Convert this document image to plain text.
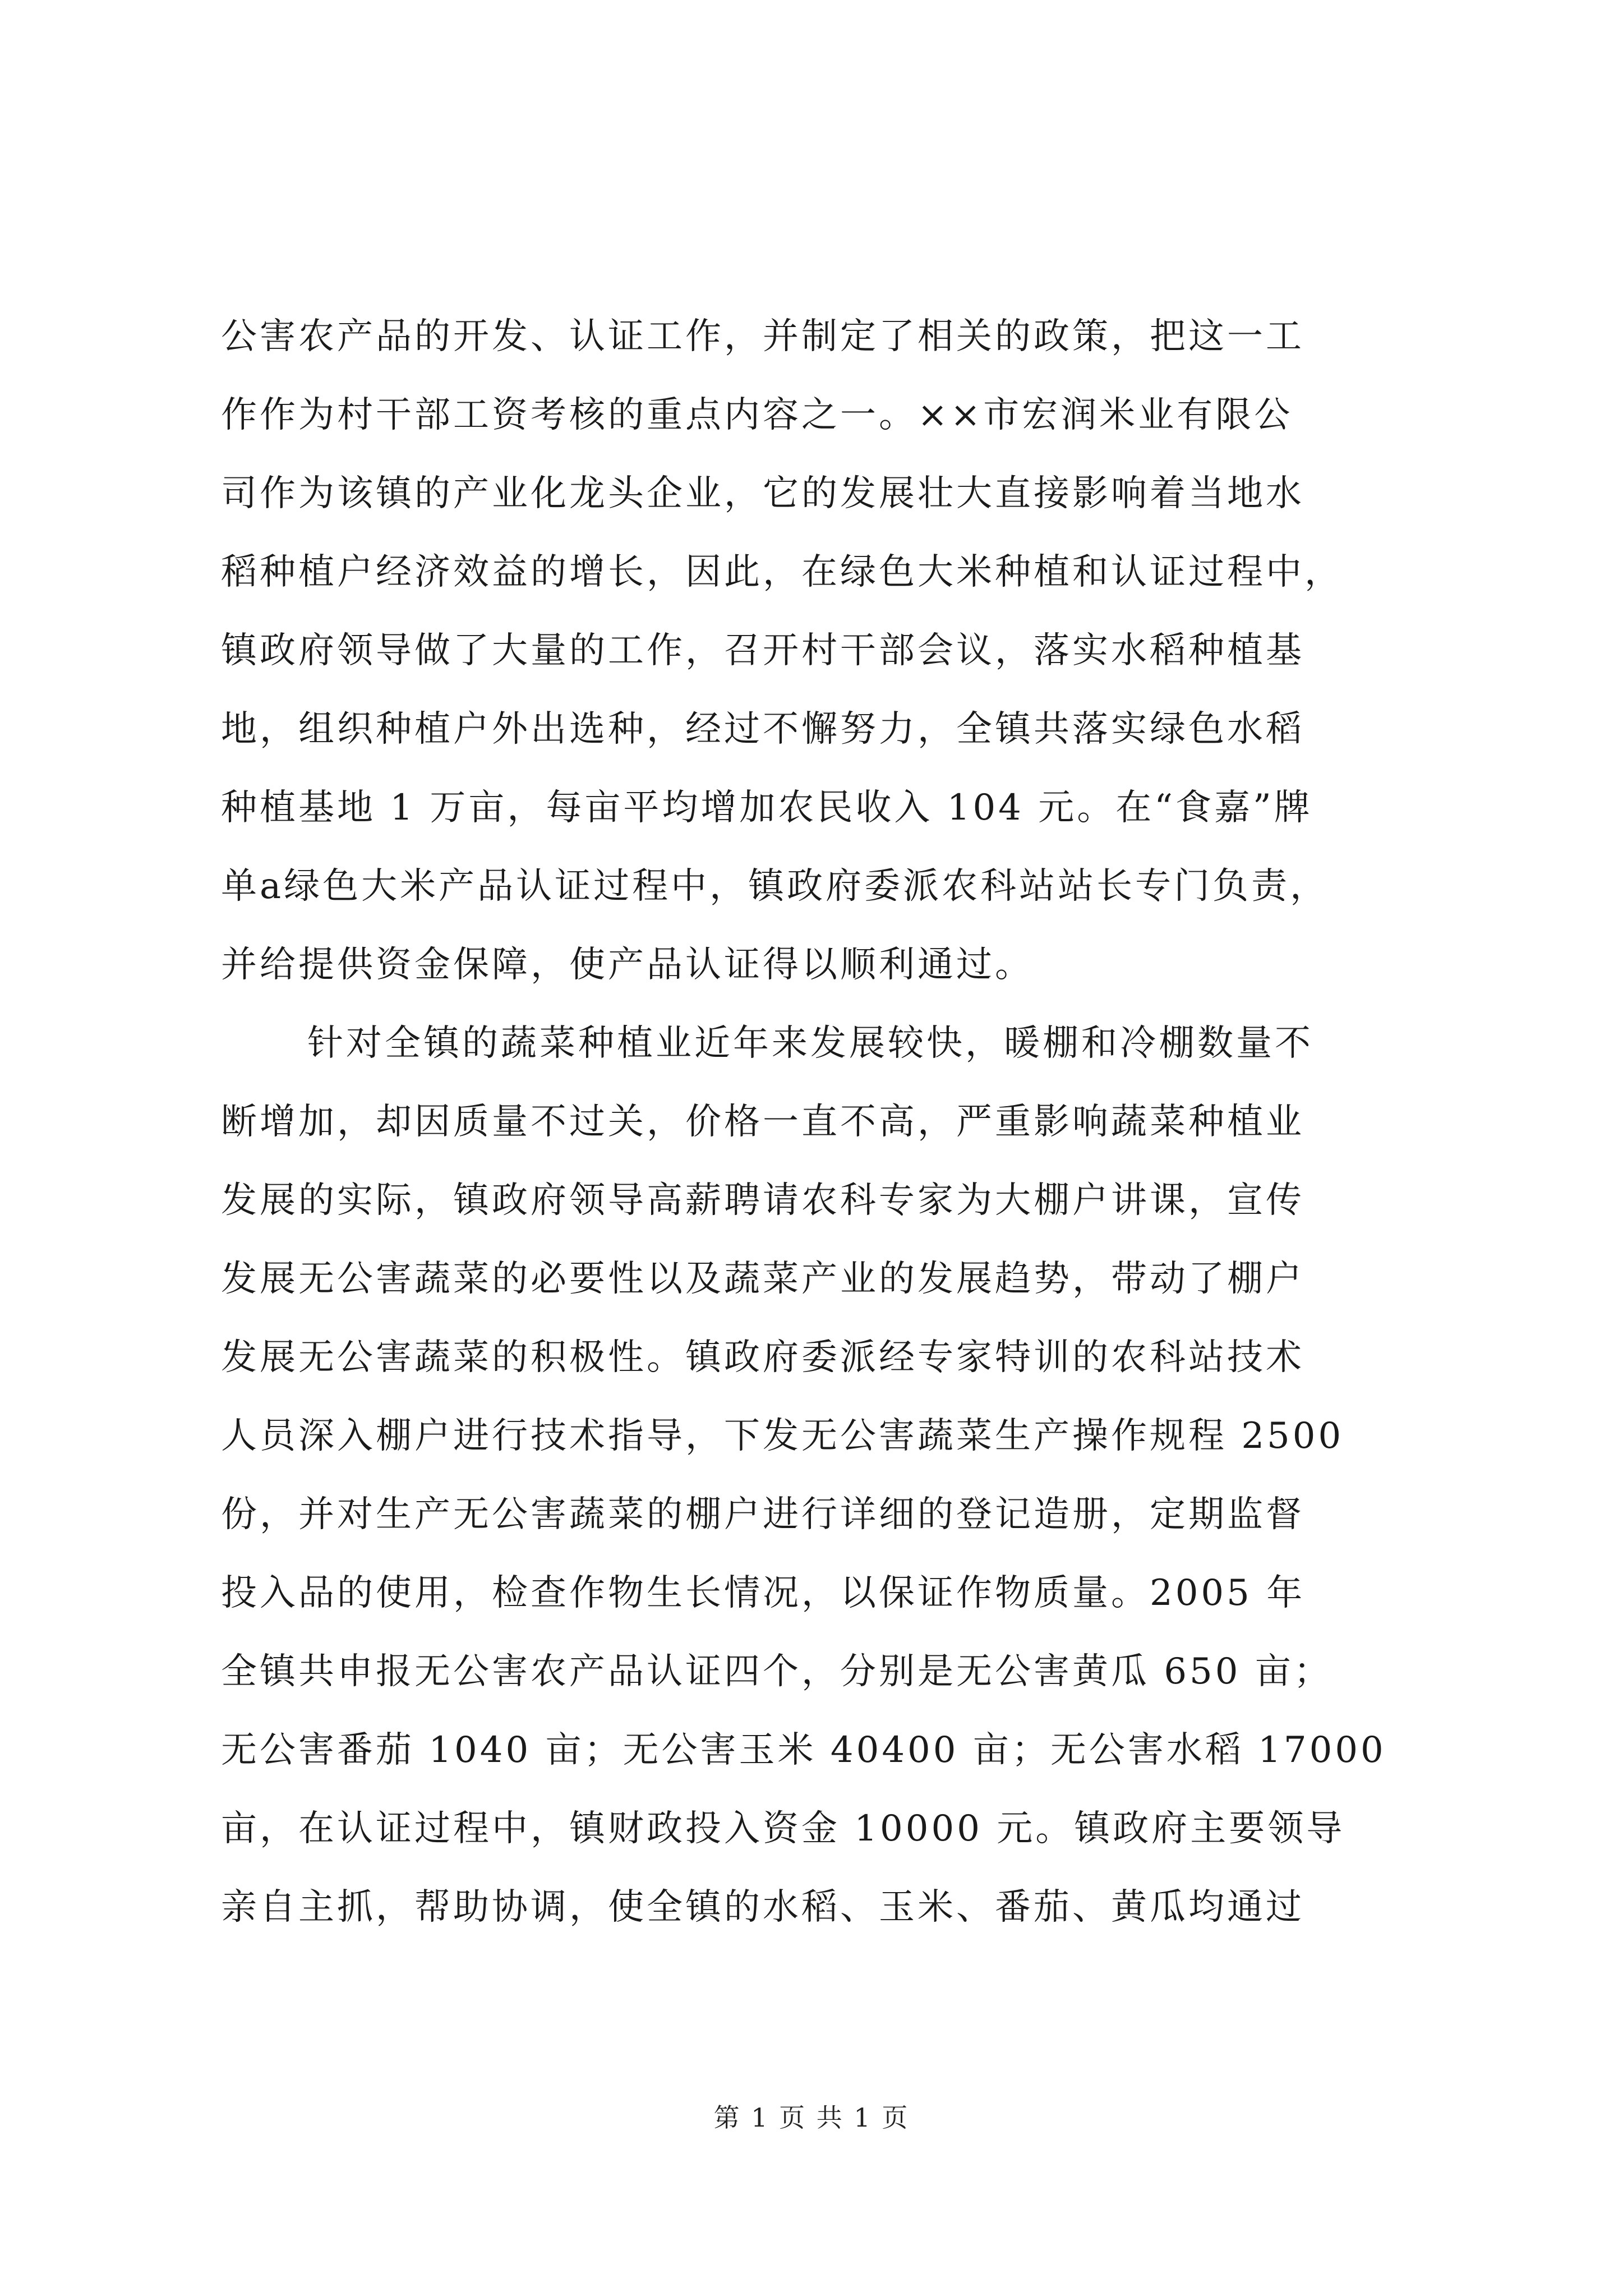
公害农产品的开发、认证工作，并制定了相关的政策，把这一工
作作为村干部工资考核的重点内容之一。××市宏润米业有限公
司作为该镇的产业化龙头企业，它的发展壮大直接影响着当地水
稻种植户经济效益的增长，因此，在绿色大米种植和认证过程中，
镇政府领导做了大量的工作，召开村干部会议，落实水稻种植基
地，组织种植户外出选种，经过不懈努力，全镇共落实绿色水稻
种植基地 1 万亩，每亩平均增加农民收入 104 元。在“食嘉”牌
单a绿色大米产品认证过程中，镇政府委派农科站站长专门负责，
并给提供资金保障，使产品认证得以顺利通过。
针对全镇的蔬菜种植业近年来发展较快，暖棚和冷棚数量不
断增加，却因质量不过关，价格一直不高，严重影响蔬菜种植业
发展的实际，镇政府领导高薪聘请农科专家为大棚户讲课，宣传
发展无公害蔬菜的必要性以及蔬菜产业的发展趋势，带动了棚户
发展无公害蔬菜的积极性。镇政府委派经专家特训的农科站技术
人员深入棚户进行技术指导，下发无公害蔬菜生产操作规程 2500
份，并对生产无公害蔬菜的棚户进行详细的登记造册，定期监督
投入品的使用，检查作物生长情况，以保证作物质量。2005 年
全镇共申报无公害农产品认证四个，分别是无公害黄瓜 650 亩；
无公害番茄 1040 亩；无公害玉米 40400 亩；无公害水稻 17000
亩，在认证过程中，镇财政投入资金 10000 元。镇政府主要领导
亲自主抓，帮助协调，使全镇的水稻、玉米、番茄、黄瓜均通过
第 1 页 共 1 页
